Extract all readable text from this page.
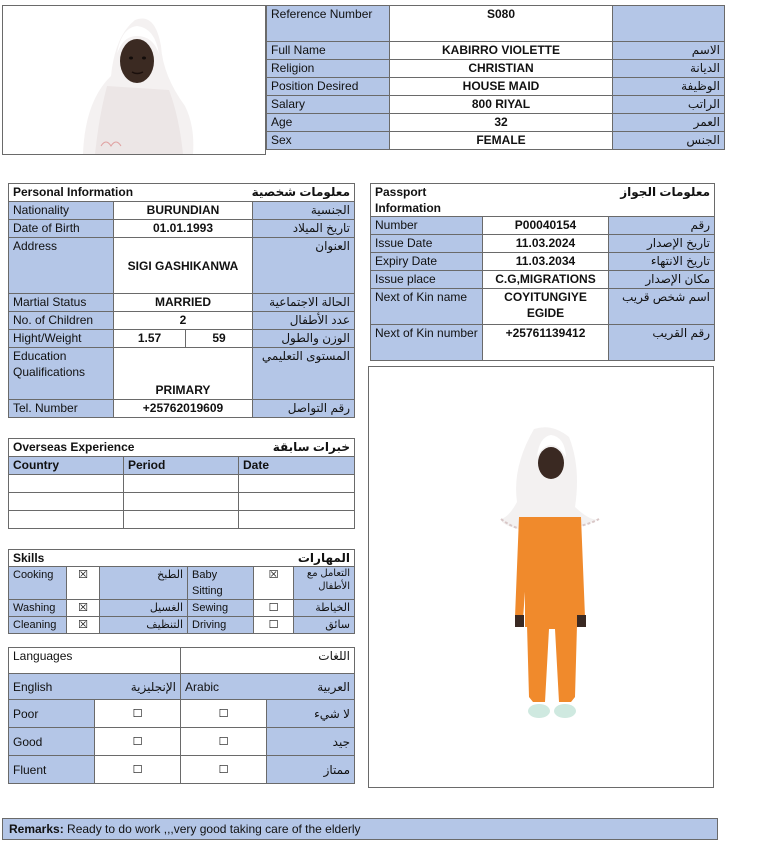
Reference Number	S080	
Full Name	KABIRRO VIOLETTE	الاسم
Religion	CHRISTIAN	الديانة
Position Desired	HOUSE MAID	الوظيفة
Salary	800 RIYAL	الراتب
Age	32	العمر
Sex	FEMALE	الجنس
Personal Information		معلومات شخصية	
Nationality	BURUNDIAN		الجنسية
Date of Birth	01.01.1993		تاريخ الميلاد
Address	SIGI GASHIKANWA		العنوان
Martial Status	MARRIED		الحالة الاجتماعية
No. of Children	2		عدد الأطفال
Hight/Weight	1.57	59	الوزن والطول
Education Qualifications	PRIMARY		المستوى التعليمي
Tel. Number	+25762019609		رقم التواصل
Passport Information	معلومات الجواز	
Number	P00040154	رقم
Issue Date	11.03.2024	تاريخ الإصدار
Expiry Date	11.03.2034	تاريخ الانتهاء
Issue place	C.G,MIGRATIONS	مكان الإصدار
Next of Kin name	COYITUNGIYE EGIDE	اسم شخص قريب
Next of Kin number	+25761139412	رقم القريب
Overseas Experience		خبرات سابقة
Country	Period	Date

Skills			المهارات		
Cooking	☒	الطبخ	Baby Sitting	☒	التعامل مع الأطفال
Washing	☒	الغسيل	Sewing	☐	الخياطة
Cleaning	☒	التنظيف	Driving	☐	سائق
Languages		اللغات	
English	الإنجليزية	Arabic	العربية
Poor	☐	☐	لا شيء
Good	☐	☐	جيد
Fluent	☐	☐	ممتاز
Remarks: Ready to do work ,,,very good taking care of the elderly
